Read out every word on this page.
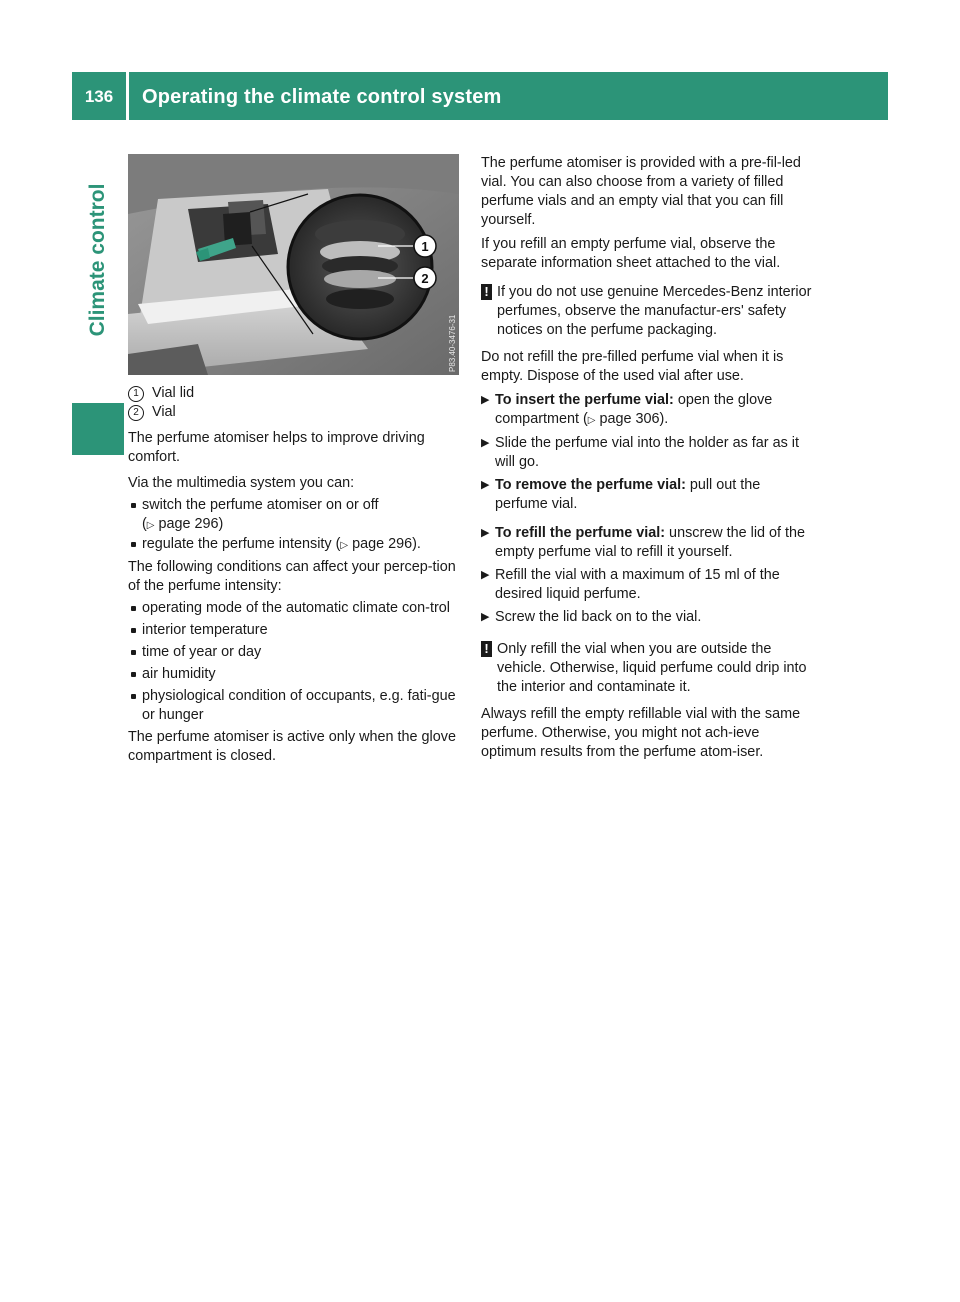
136	Operating the climate control system
Climate control	1
2
P83.40-3476-31

1 Vial lid

2 Vial

The perfume atomiser helps to improve driving comfort.

Via the multimedia system you can:

switch the perfume atomiser on or off
(▷ page 296)

regulate the perfume intensity (▷ page 296).

The following conditions can affect your percep-tion of the perfume intensity:

operating mode of the automatic climate con-trol

interior temperature

time of year or day

air humidity

physiological condition of occupants, e.g. fati-gue or hunger

The perfume atomiser is active only when the glove compartment is closed.

The perfume atomiser is provided with a pre-fil-led vial. You can also choose from a variety of filled perfume vials and an empty vial that you can fill yourself.

If you refill an empty perfume vial, observe the separate information sheet attached to the vial.

! If you do not use genuine Mercedes-Benz interior perfumes, observe the manufactur-ers' safety notices on the perfume packaging.

Do not refill the pre-filled perfume vial when it is empty. Dispose of the used vial after use.

▶ To insert the perfume vial: open the glove compartment (▷ page 306).

▶ Slide the perfume vial into the holder as far as it will go.

▶ To remove the perfume vial: pull out the perfume vial.

▶ To refill the perfume vial: unscrew the lid of the empty perfume vial to refill it yourself.

▶ Refill the vial with a maximum of 15 ml of the desired liquid perfume.

▶ Screw the lid back on to the vial.

! Only refill the vial when you are outside the vehicle. Otherwise, liquid perfume could drip into the interior and contaminate it.

Always refill the empty refillable vial with the same perfume. Otherwise, you might not ach-ieve optimum results from the perfume atom-iser.
